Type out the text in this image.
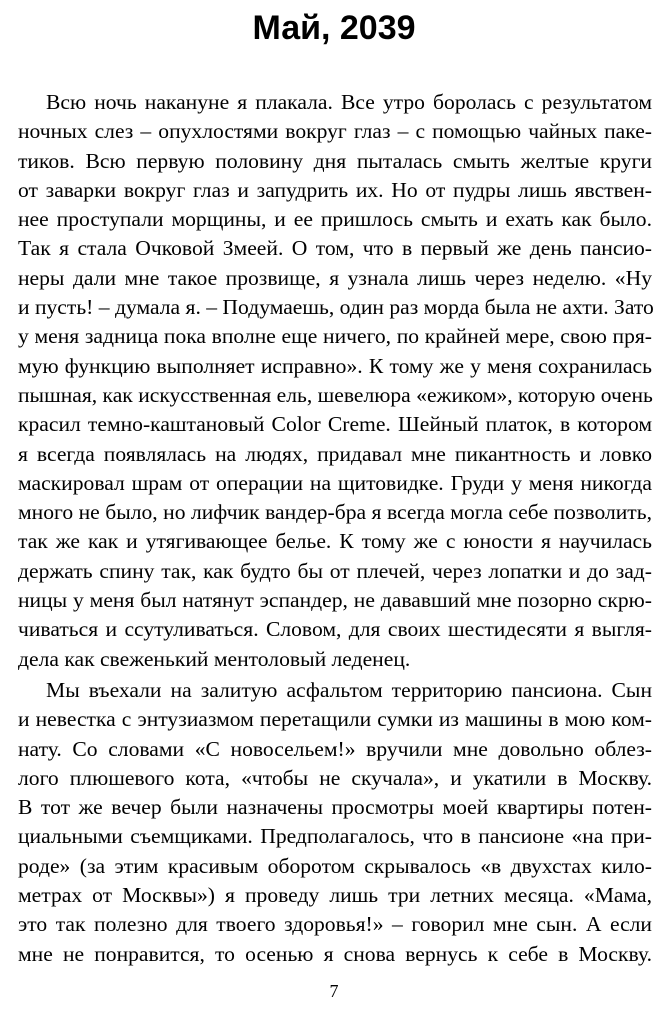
Май, 2039
Всю ночь накануне я плакала. Все утро боролась с результатом
ночных слез – опухлостями вокруг глаз – с помощью чайных паке-
тиков. Всю первую половину дня пыталась смыть желтые круги
от заварки вокруг глаз и запудрить их. Но от пудры лишь явствен-
нее проступали морщины, и ее пришлось смыть и ехать как было.
Так я стала Очковой Змеей. О том, что в первый же день пансио-
неры дали мне такое прозвище, я узнала лишь через неделю. «Ну
и пусть! – думала я. – Подумаешь, один раз морда была не ахти. Зато
у меня задница пока вполне еще ничего, по крайней мере, свою пря-
мую функцию выполняет исправно». К тому же у меня сохранилась
пышная, как искусственная ель, шевелюра «ежиком», которую очень
красил темно-каштановый Color Creme. Шейный платок, в котором
я всегда появлялась на людях, придавал мне пикантность и ловко
маскировал шрам от операции на щитовидке. Груди у меня никогда
много не было, но лифчик вандер-бра я всегда могла себе позволить,
так же как и утягивающее белье. К тому же с юности я научилась
держать спину так, как будто бы от плечей, через лопатки и до зад-
ницы у меня был натянут эспандер, не дававший мне позорно скрю-
чиваться и ссутуливаться. Словом, для своих шестидесяти я выгля-
дела как свеженький ментоловый леденец.
Мы въехали на залитую асфальтом территорию пансиона. Сын
и невестка с энтузиазмом перетащили сумки из машины в мою ком-
нату. Со словами «С новосельем!» вручили мне довольно облез-
лого плюшевого кота, «чтобы не скучала», и укатили в Москву.
В тот же вечер были назначены просмотры моей квартиры потен-
циальными съемщиками. Предполагалось, что в пансионе «на при-
роде» (за этим красивым оборотом скрывалось «в двухстах кило-
метрах от Москвы») я проведу лишь три летних месяца. «Мама,
это так полезно для твоего здоровья!» – говорил мне сын. А если
мне не понравится, то осенью я снова вернусь к себе в Москву.
7
